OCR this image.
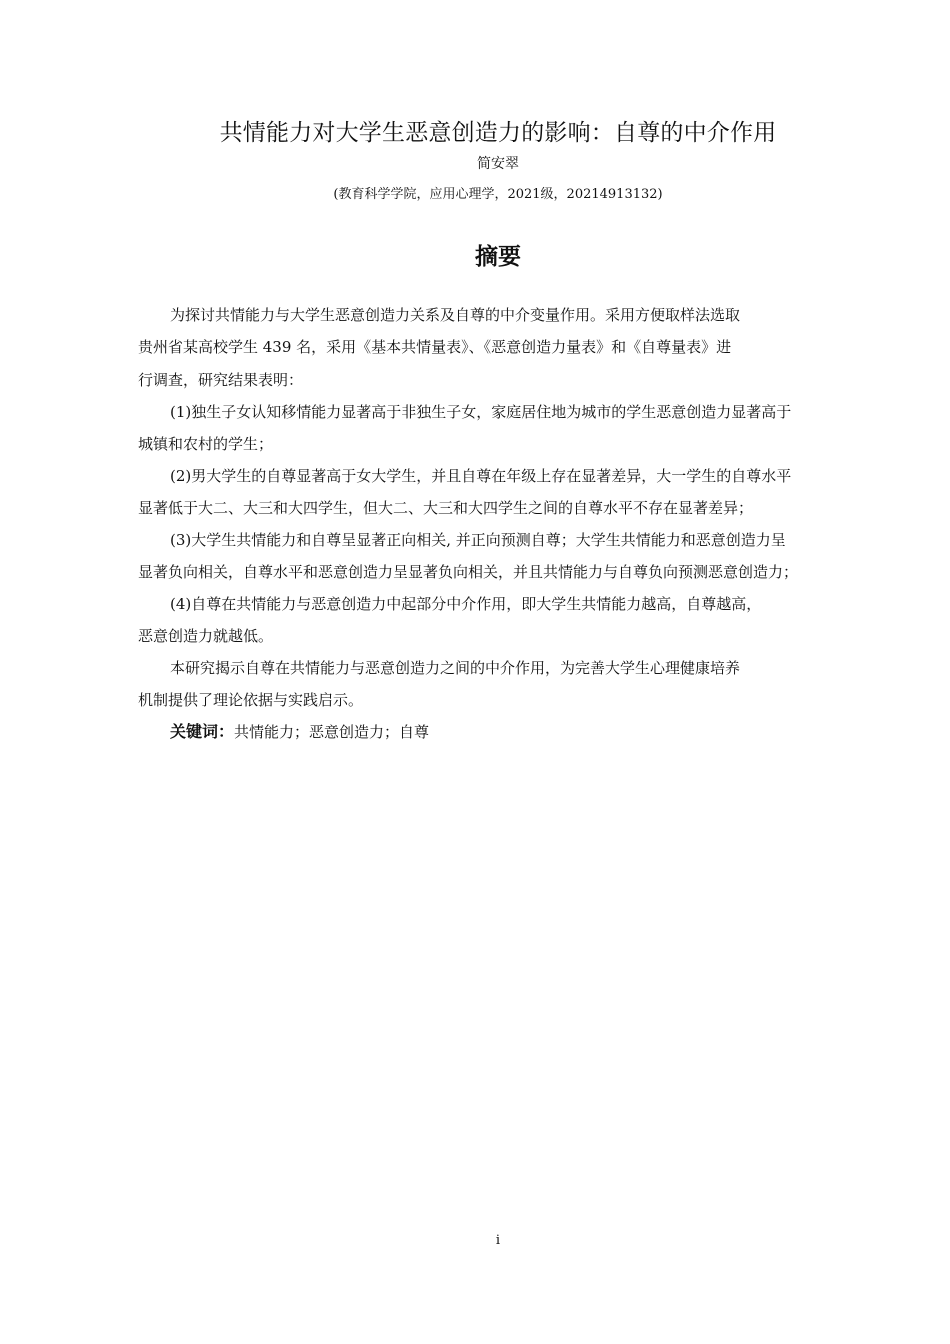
共情能力对大学生恶意创造力的影响：自尊的中介作用
简安翠
(教育科学学院，应用心理学，2021级，20214913132)
摘要
为探讨共情能力与大学生恶意创造力关系及自尊的中介变量作用。采用方便取样法选取
贵州省某高校学生 439 名，采用《基本共情量表》、《恶意创造力量表》和《自尊量表》进
行调查，研究结果表明：
(1)独生子女认知移情能力显著高于非独生子女，家庭居住地为城市的学生恶意创造力显著高于
城镇和农村的学生；
(2)男大学生的自尊显著高于女大学生，并且自尊在年级上存在显著差异，大一学生的自尊水平
显著低于大二、大三和大四学生，但大二、大三和大四学生之间的自尊水平不存在显著差异；
(3)大学生共情能力和自尊呈显著正向相关, 并正向预测自尊；大学生共情能力和恶意创造力呈
显著负向相关，自尊水平和恶意创造力呈显著负向相关，并且共情能力与自尊负向预测恶意创造力；
(4)自尊在共情能力与恶意创造力中起部分中介作用，即大学生共情能力越高，自尊越高，
恶意创造力就越低。
本研究揭示自尊在共情能力与恶意创造力之间的中介作用，为完善大学生心理健康培养
机制提供了理论依据与实践启示。
关键词：共情能力；恶意创造力；自尊
i
